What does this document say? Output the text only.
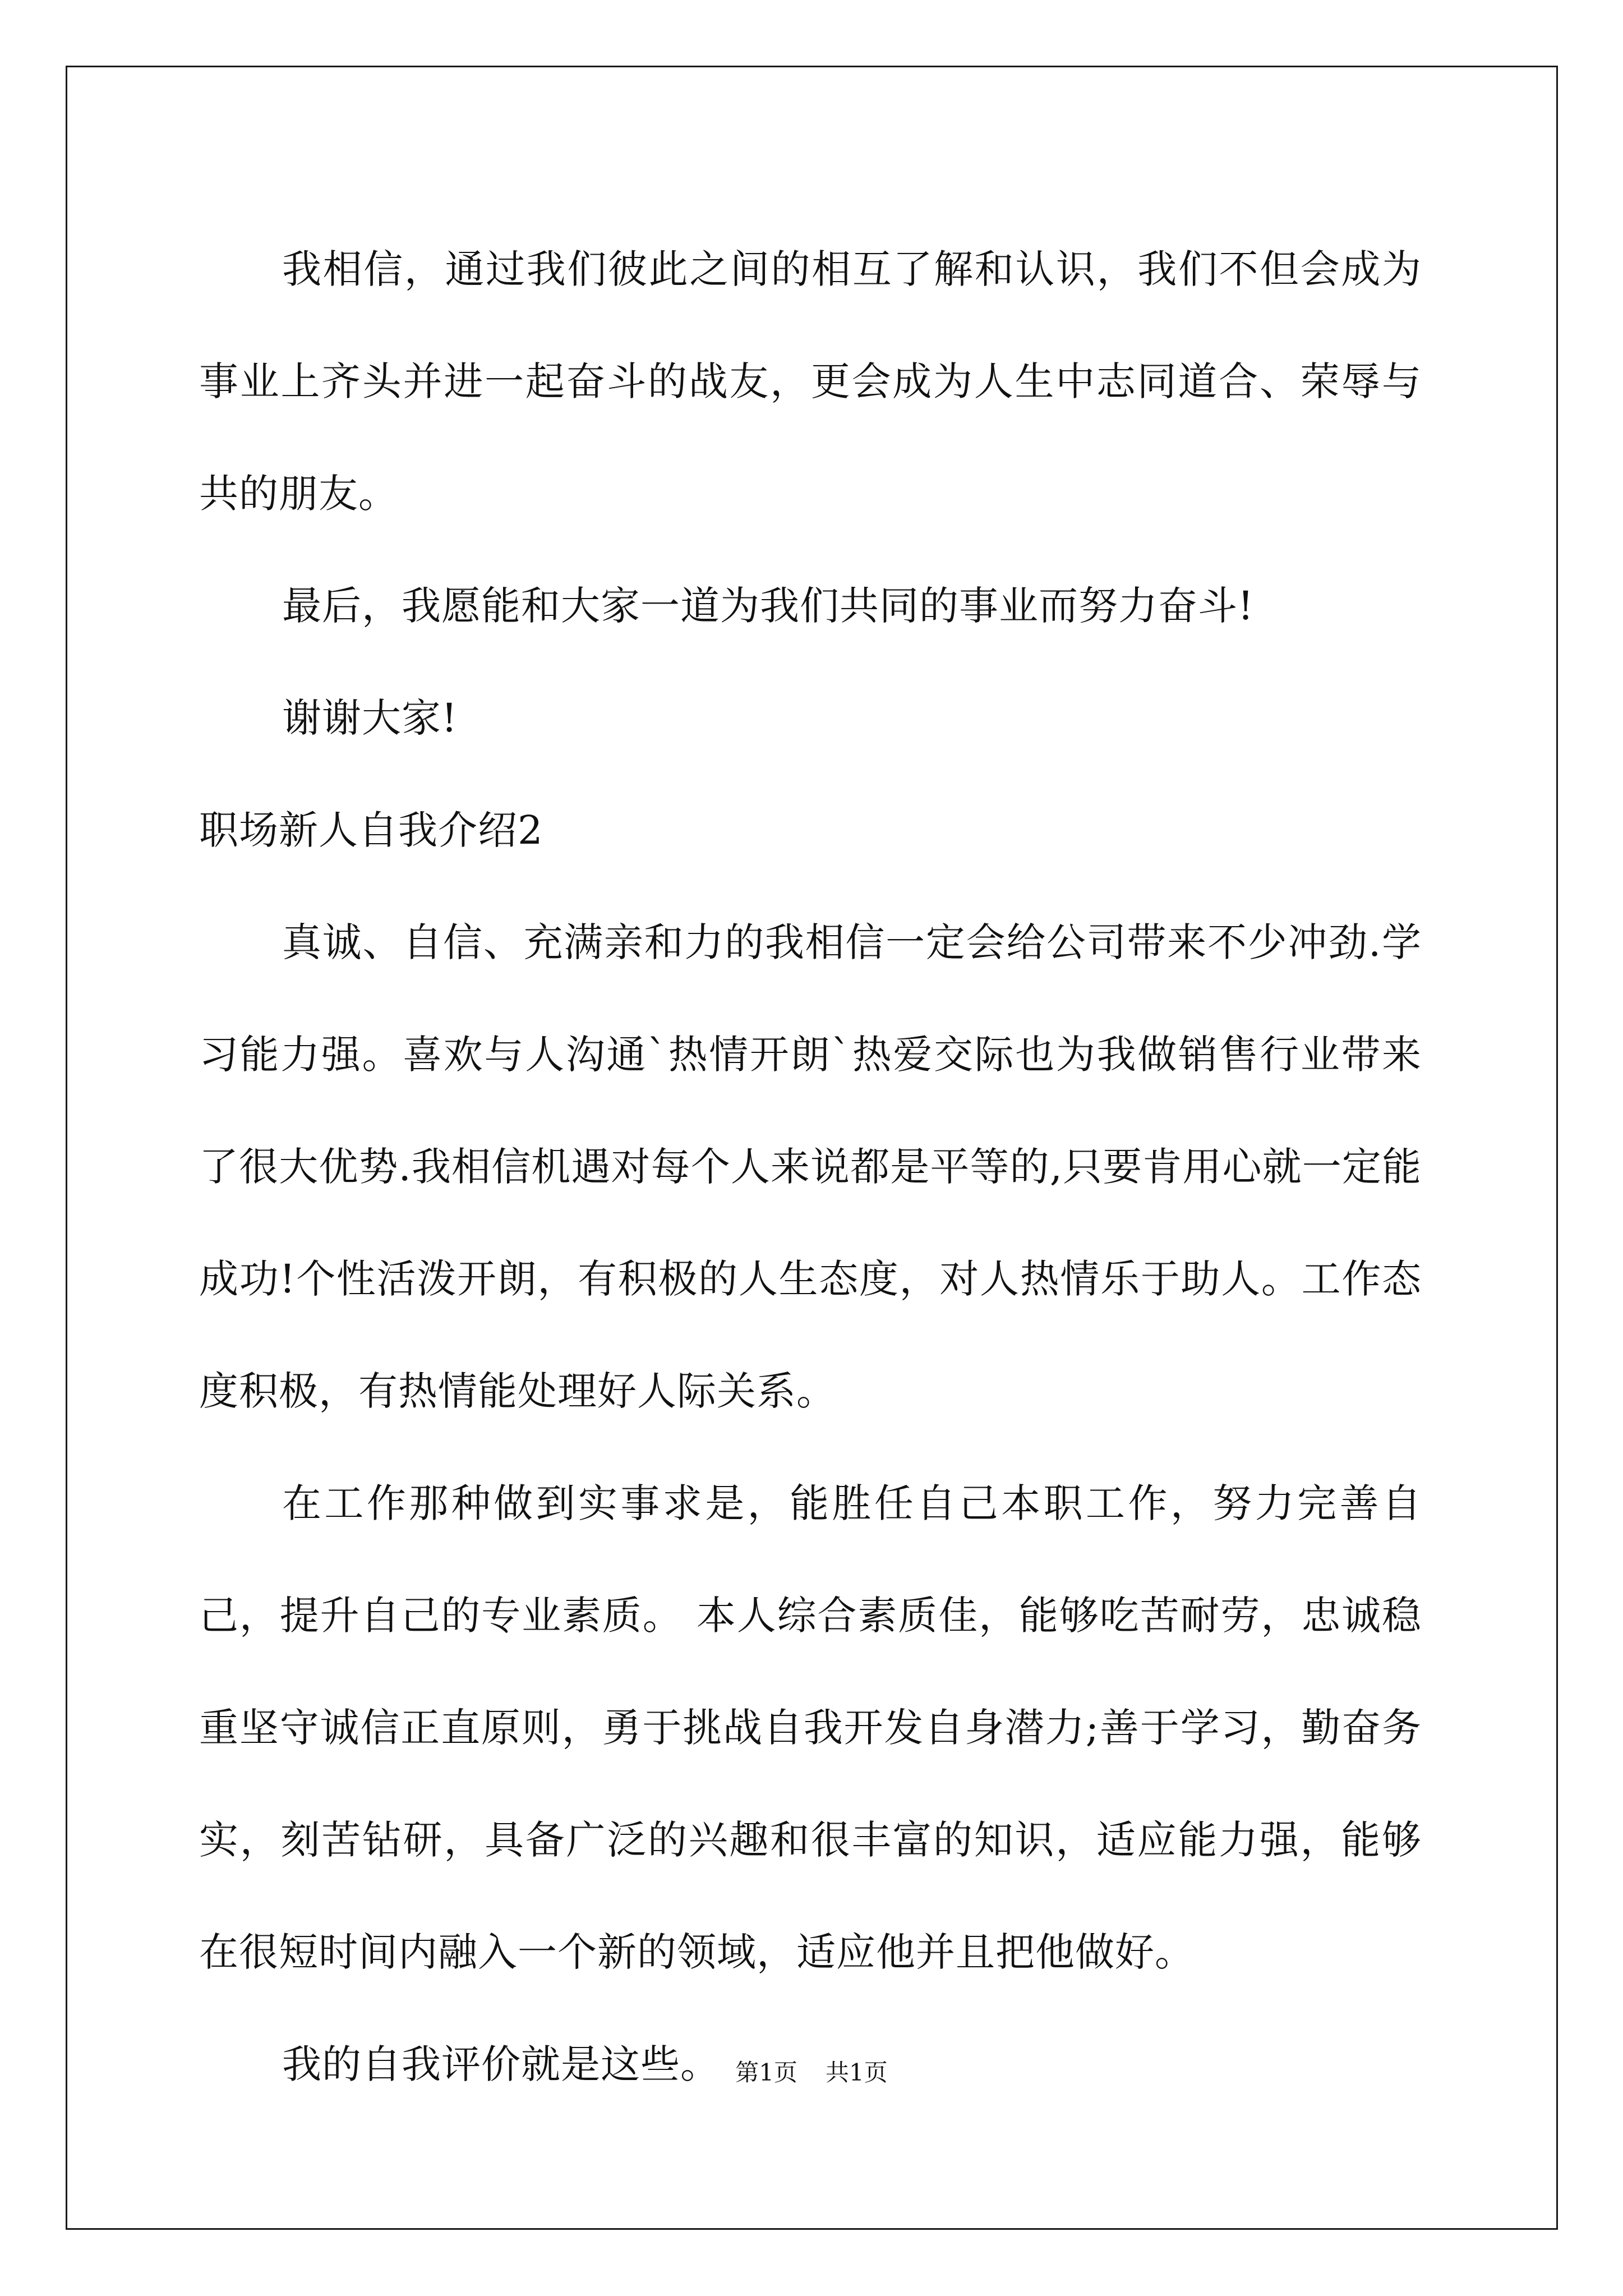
我相信，通过我们彼此之间的相互了解和认识，我们不但会成为事业上齐头并进一起奋斗的战友，更会成为人生中志同道合、荣辱与共的朋友。

最后，我愿能和大家一道为我们共同的事业而努力奋斗!

谢谢大家!

职场新人自我介绍2

真诚、自信、充满亲和力的我相信一定会给公司带来不少冲劲.学习能力强。喜欢与人沟通`热情开朗`热爱交际也为我做销售行业带来了很大优势.我相信机遇对每个人来说都是平等的,只要肯用心就一定能成功!个性活泼开朗，有积极的人生态度，对人热情乐于助人。工作态度积极，有热情能处理好人际关系。

在工作那种做到实事求是，能胜任自己本职工作，努力完善自己，提升自己的专业素质。 本人综合素质佳，能够吃苦耐劳，忠诚稳重坚守诚信正直原则，勇于挑战自我开发自身潜力;善于学习，勤奋务实，刻苦钻研，具备广泛的兴趣和很丰富的知识，适应能力强，能够在很短时间内融入一个新的领域，适应他并且把他做好。

我的自我评价就是这些。 第1页 共1页
